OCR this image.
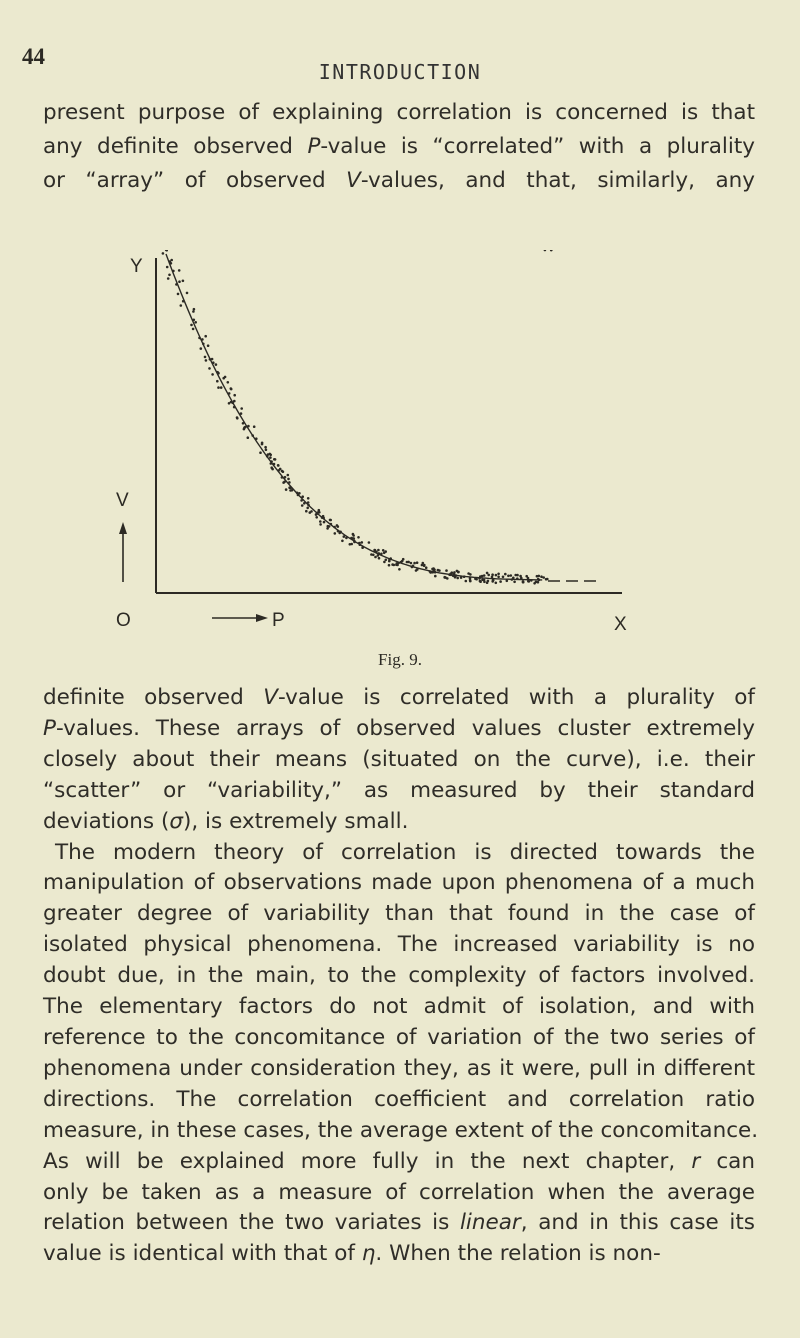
44
INTRODUCTION
present purpose of explaining correlation is concerned is that
any definite observed P-value is “correlated” with a plurality
or “array” of observed V-values, and that, similarly, any
Y
V
O	P	X
Fig. 9.
definite observed V-value is correlated with a plurality of
P-values. These arrays of observed values cluster extremely
closely about their means (situated on the curve), i.e. their
“scatter” or “variability,” as measured by their standard
deviations (σ), is extremely small.
The modern theory of correlation is directed towards the
manipulation of observations made upon phenomena of a much
greater degree of variability than that found in the case of
isolated physical phenomena. The increased variability is no
doubt due, in the main, to the complexity of factors involved.
The elementary factors do not admit of isolation, and with
reference to the concomitance of variation of the two series of
phenomena under consideration they, as it were, pull in different
directions. The correlation coefficient and correlation ratio
measure, in these cases, the average extent of the concomitance.
As will be explained more fully in the next chapter, r can
only be taken as a measure of correlation when the average
relation between the two variates is linear, and in this case its
value is identical with that of η. When the relation is non-
